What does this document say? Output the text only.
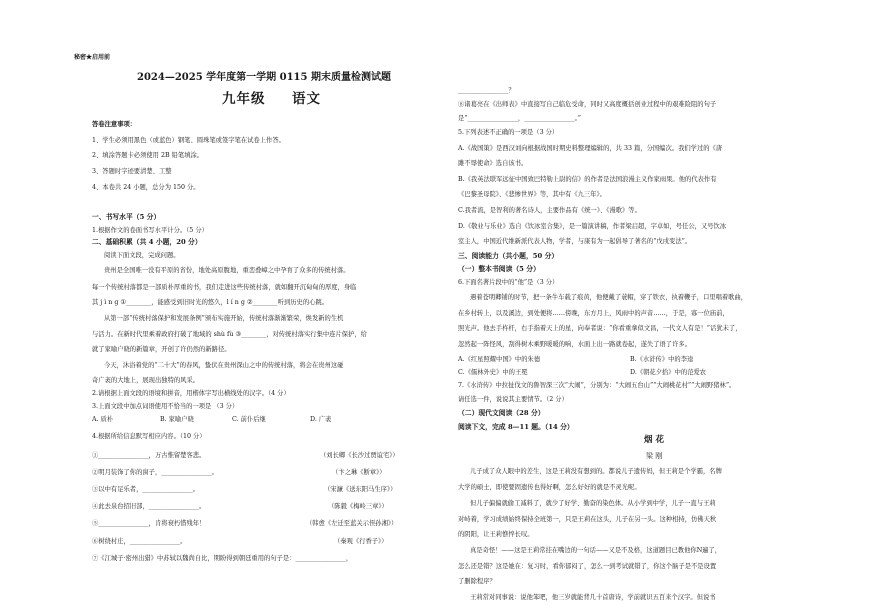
秘密★启用前
2024—2025 学年度第一学期 0115 期末质量检测试题
九年级 语文
答卷注意事项：
1、学生必须用黑色（或蓝色）钢笔、圆珠笔或签字笔在试卷上作答。
2、填涂答题卡必须使用 2B 铅笔填涂。
3、答题时字迹要清楚、工整
4、本卷共 24 小题，总分为 150 分。
一、书写水平（5 分）
1.根据作文的卷面书写水平计分。（5 分）
二、基础积累（共 4 小题，20 分）
阅读下面文段，完成问题。
贵州是全国唯一没有平原的省份，地处高原腹地，重峦叠嶂之中孕育了众多的传统村落。
每一个传统村落都是一部质朴厚重的书，我们走进这些传统村落，就如翻开沉甸甸的厚度，身临
其 j ì n g ①________，能感受到旧时光的悠久，l í n g ②________听到历史的心跳。
从第一部“传统村落保护和发展条例”颁布实施开始，传统村落渐渐繁荣，焕发新的生机
与活力。在新时代里乘着政府打破了地域的 shù fù ③________，对传统村落实行集中连片保护，给
就了家喻户晓的新篇章，开创了许仍然的新路径。
今天，沐浴着党的“二十大”的春风，蛰伏在贵州深山之中的传统村落，将会在贵州这碰
奇广袤的大地上，展现出独特的风采。
2.请根据上面文段的语境和拼音，用楷体字写出横线处的汉字。（4 分）
3.上面文段中加点词语使用不恰当的一项是 （3 分）
A. 质朴	B. 家喻户晓	C. 前仆后继	D. 广袤
4.根据所给信息默写相应内容。（10 分）
①________________，万古惟留楚客悲。
②明月装饰了你的窗子，________________。
③以中有足乐者，________________。
④此去泉台招旧部，________________。
⑤________________，肯将衰朽惜残年！
⑥树绕村庄，________________。
⑦《江城子·密州出猎》中苏轼以魏尚自比，期盼得到朝廷重用的句子是：________________，
（刘长卿《长沙过贾谊宅》）
（卞之琳《断章》）
（宋濂《送东阳马生序》）
（陈毅《梅岭三章》）
（韩愈《左迁至蓝关示侄孙湘》）
（秦观《行香子》）
________________？
⑧诸葛亮在《出师表》中直接写自己临危受命，同时又高度概括创业过程中的艰难险阻的句子
是“________________，________________。”
5.下列表述不正确的一项是（3 分）
A.《战国策》是西汉刘向根据战国时期史料整理编辑的，共 33 篇，分国编次。我们学过的《唐
雎不辱使命》选自该书。
B.《我英法联军远征中国致巴特勒上尉的信》的作者是法国浪漫主义作家雨果。他的代表作有
《巴黎圣母院》、《悲惨世界》等，其中有《九三年》。
C.我者流，是智利的著名诗人，主要作品有《统一》、《漫歌》等。
D.《敬业与乐业》选自《饮冰室合集》，是一篇演讲稿，作者梁启超，字卓如，号任公，又号饮冰
室主人，中国近代维新派代表人物，学者，与康有为一起倡导了著名的“戊戌变法”。
三、阅读能力（共小题，50 分）
（一）整本书阅读（5 分）
6.下面名著片段中的“他”是（3 分）
遇着苍明卿铺的时节，把一条牛车载了痕黄，他便戴了蓑帽，穿了铁衣，执着鞭子，口里唱着歌曲，
在乡村转上，以及溪边，到处便将……傍晚，东方月上，风雨中的声音……，于是，寡一位庙前，
照光声。他去手杵杆，右手指着天上的星，向奉者说：“你看重拿似文昌，一代文人有是！”话犹未了，
忽然起一阵怪风，刮得树木乘野暖暖的响，水面上出一路就卷起，遂失了语了许多。
A.《红星照耀中国》中的朱德	B.《水浒传》中的李逵
C.《儒林外史》中的王冕	D.《朝花夕拾》中的范爱农
7.《水浒传》中拉扯伐文的鲁智深三次“大闹”，分别为：“大闹五台山”“大闹桃花村”“大闹野猪林”。
请任选一件，说说其主要情节。（2 分）
（二）现代文阅读（28 分）
阅读下文，完成 8—11 题。（14 分）
烟 花
梁 刚
儿子成了众人眼中的差生，这是王莉没有想到的。都说儿子遗传妈，但王莉是个学霸，名牌
大学的硕士，即使要固遗传也得好啊，怎么好好的就是不灵光呢。
但儿子偏偏就偷工减料了，就少了好学、勤奋的染色体。从小学到中学，儿子一直与王莉
对峙着，学习成绩始终保持全班第一，只是王莉在这头，儿子在另一头。这种相持，仿佛天秋
的阴阳，让王莉憔悴长叹。
真是奇怪！——这是王莉常挂在嘴边的一句话——又是不及格，这道题目已教他你N遍了，
怎么还是错？这是她在：复习时，看你郁闷了，怎么一到考试就错了，你这个脑子是不是设置
了删除程序？
王莉常对同事说：说他笨吧，他三岁就能背几十首唐诗，学前就识五百来个汉字。但说书
